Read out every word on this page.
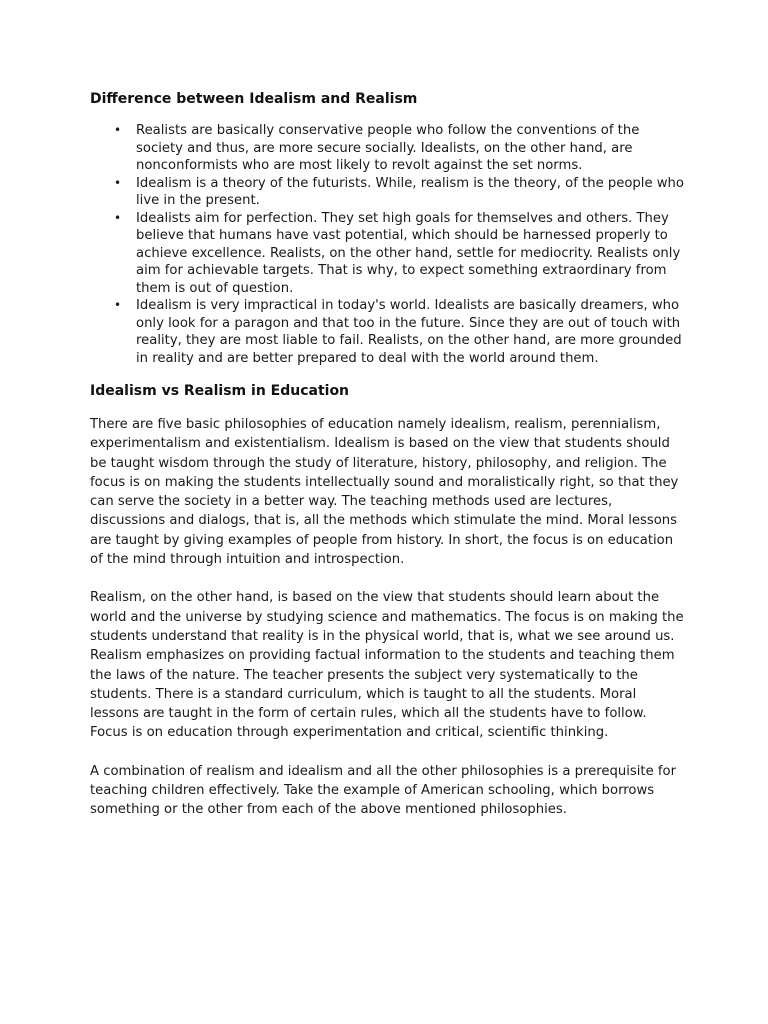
Difference between Idealism and Realism
• Realists are basically conservative people who follow the conventions of the society and thus, are more secure socially. Idealists, on the other hand, are nonconformists who are most likely to revolt against the set norms.
• Idealism is a theory of the futurists. While, realism is the theory, of the people who live in the present.
• Idealists aim for perfection. They set high goals for themselves and others. They believe that humans have vast potential, which should be harnessed properly to achieve excellence. Realists, on the other hand, settle for mediocrity. Realists only aim for achievable targets. That is why, to expect something extraordinary from them is out of question.
• Idealism is very impractical in today's world. Idealists are basically dreamers, who only look for a paragon and that too in the future. Since they are out of touch with reality, they are most liable to fail. Realists, on the other hand, are more grounded in reality and are better prepared to deal with the world around them.
Idealism vs Realism in Education

There are five basic philosophies of education namely idealism, realism, perennialism, experimentalism and existentialism. Idealism is based on the view that students should be taught wisdom through the study of literature, history, philosophy, and religion. The focus is on making the students intellectually sound and moralistically right, so that they can serve the society in a better way. The teaching methods used are lectures, discussions and dialogs, that is, all the methods which stimulate the mind. Moral lessons are taught by giving examples of people from history. In short, the focus is on education of the mind through intuition and introspection.

Realism, on the other hand, is based on the view that students should learn about the world and the universe by studying science and mathematics. The focus is on making the students understand that reality is in the physical world, that is, what we see around us. Realism emphasizes on providing factual information to the students and teaching them the laws of the nature. The teacher presents the subject very systematically to the students. There is a standard curriculum, which is taught to all the students. Moral lessons are taught in the form of certain rules, which all the students have to follow. Focus is on education through experimentation and critical, scientific thinking.

A combination of realism and idealism and all the other philosophies is a prerequisite for teaching children effectively. Take the example of American schooling, which borrows something or the other from each of the above mentioned philosophies.
